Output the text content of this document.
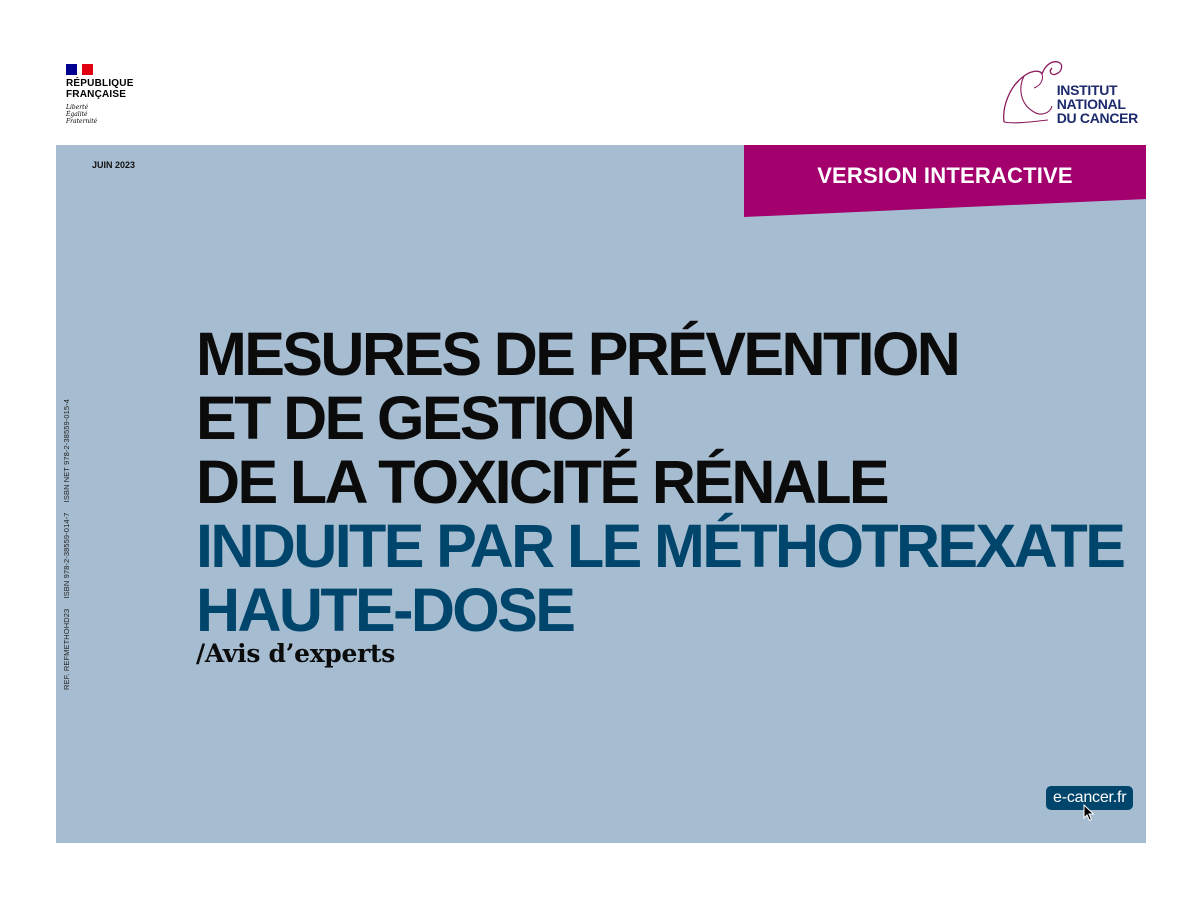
RÉPUBLIQUE
FRANÇAISE
Liberté
Égalité
Fraternité
INSTITUT
NATIONAL
DU CANCER
JUIN 2023	VERSION INTERACTIVE
REF. REFMETHOHD23 ISBN 978-2-38559-014-7 ISBN NET 978-2-38559-015-4
MESURES DE PRÉVENTION
ET DE GESTION
DE LA TOXICITÉ RÉNALE
INDUITE PAR LE MÉTHOTREXATE
HAUTE-DOSE
/Avis d’experts
e-cancer.fr
